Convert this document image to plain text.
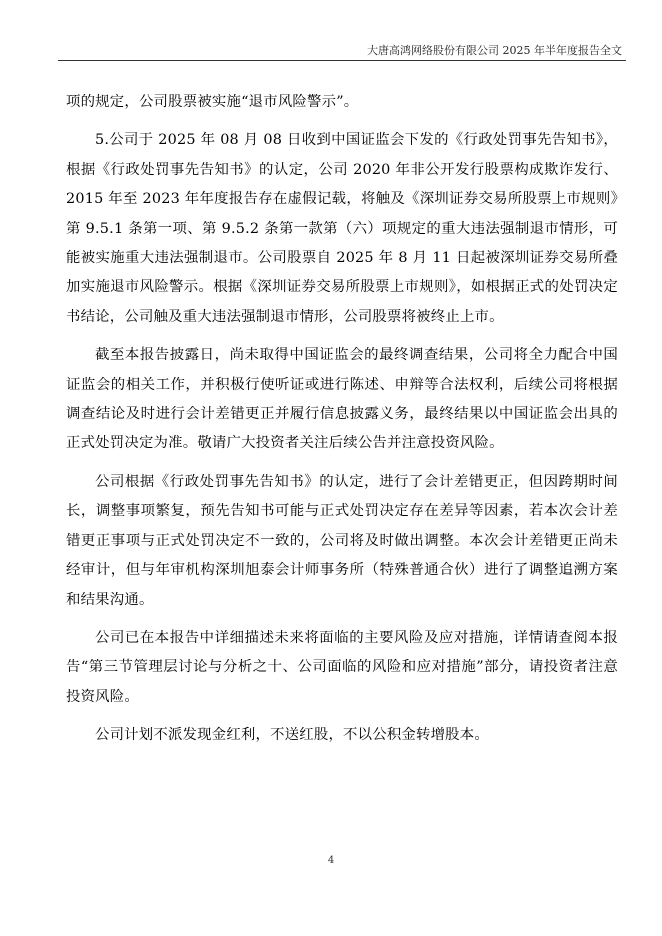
大唐高鸿网络股份有限公司 2025 年半年度报告全文

项的规定，公司股票被实施“退市风险警示”。

5.公司于 2025 年 08 月 08 日收到中国证监会下发的《行政处罚事先告知书》，根据《行政处罚事先告知书》的认定，公司 2020 年非公开发行股票构成欺诈发行、2015 年至 2023 年年度报告存在虚假记载，将触及《深圳证券交易所股票上市规则》第 9.5.1 条第一项、第 9.5.2 条第一款第（六）项规定的重大违法强制退市情形，可能被实施重大违法强制退市。公司股票自 2025 年 8 月 11 日起被深圳证券交易所叠加实施退市风险警示。根据《深圳证券交易所股票上市规则》，如根据正式的处罚决定书结论，公司触及重大违法强制退市情形，公司股票将被终止上市。

截至本报告披露日，尚未取得中国证监会的最终调查结果，公司将全力配合中国证监会的相关工作，并积极行使听证或进行陈述、申辩等合法权利，后续公司将根据调查结论及时进行会计差错更正并履行信息披露义务，最终结果以中国证监会出具的正式处罚决定为准。敬请广大投资者关注后续公告并注意投资风险。

公司根据《行政处罚事先告知书》的认定，进行了会计差错更正，但因跨期时间长，调整事项繁复，预先告知书可能与正式处罚决定存在差异等因素，若本次会计差错更正事项与正式处罚决定不一致的，公司将及时做出调整。本次会计差错更正尚未经审计，但与年审机构深圳旭泰会计师事务所（特殊普通合伙）进行了调整追溯方案和结果沟通。

公司已在本报告中详细描述未来将面临的主要风险及应对措施，详情请查阅本报告“第三节管理层讨论与分析之十、公司面临的风险和应对措施”部分，请投资者注意投资风险。

公司计划不派发现金红利，不送红股，不以公积金转增股本。

4
